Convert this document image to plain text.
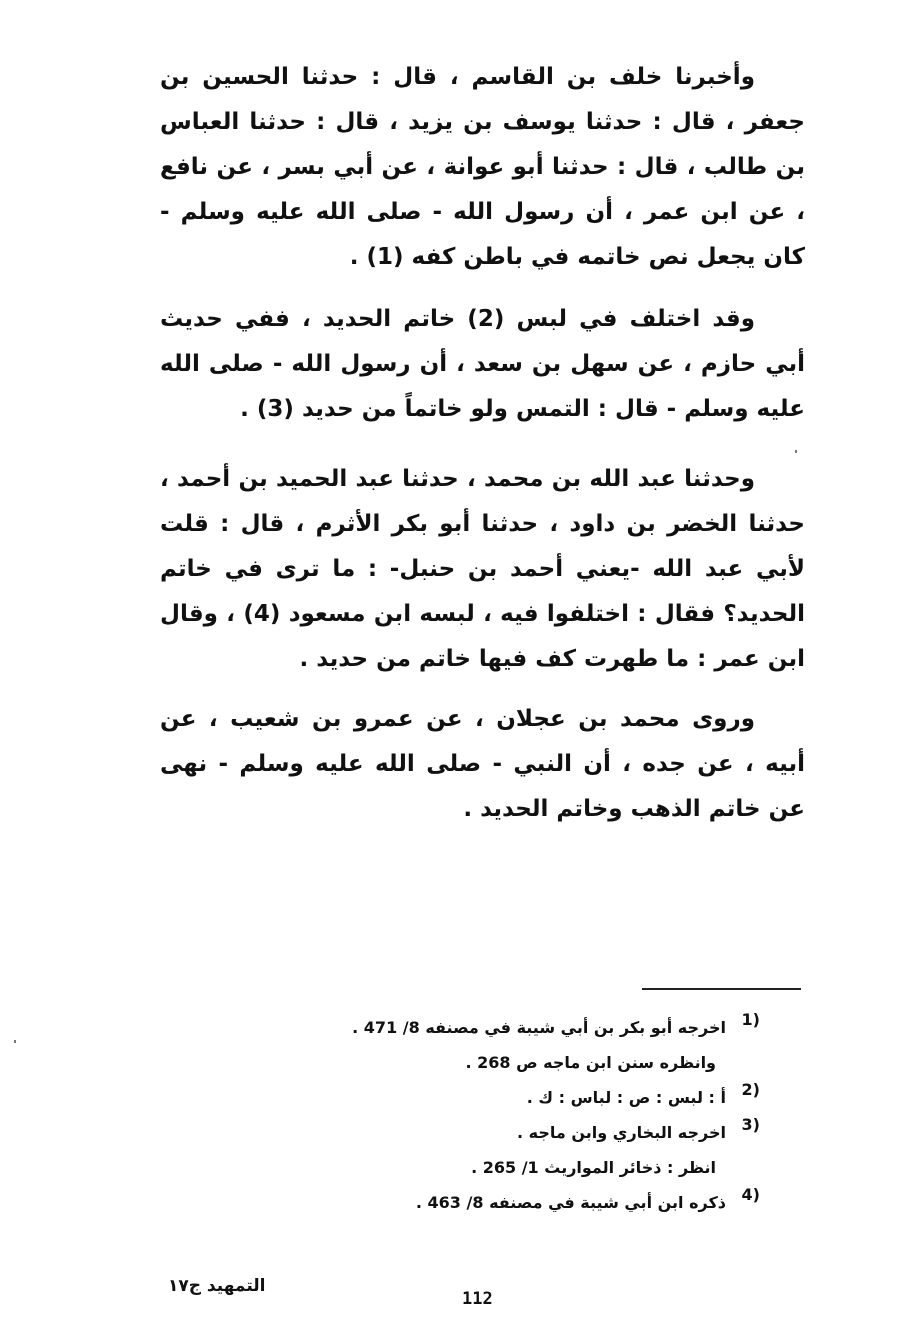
وأخبرنا خلف بن القاسم ، قال : حدثنا الحسين بن جعفر ، قال : حدثنا يوسف بن يزيد ، قال : حدثنا العباس بن طالب ، قال : حدثنا أبو عوانة ، عن أبي بسر ، عن نافع ، عن ابن عمر ، أن رسول الله - صلى الله عليه وسلم - كان يجعل نص خاتمه في باطن كفه (1) .

وقد اختلف في لبس (2) خاتم الحديد ، ففي حديث أبي حازم ، عن سهل بن سعد ، أن رسول الله - صلى الله عليه وسلم - قال : التمس ولو خاتماً من حديد (3) .

وحدثنا عبد الله بن محمد ، حدثنا عبد الحميد بن أحمد ، حدثنا الخضر بن داود ، حدثنا أبو بكر الأثرم ، قال : قلت لأبي عبد الله -يعني أحمد بن حنبل- : ما ترى في خاتم الحديد؟ فقال : اختلفوا فيه ، لبسه ابن مسعود (4) ، وقال ابن عمر : ما طهرت كف فيها خاتم من حديد .

وروى محمد بن عجلان ، عن عمرو بن شعيب ، عن أبيه ، عن جده ، أن النبي - صلى الله عليه وسلم - نهى عن خاتم الذهب وخاتم الحديد .

1)
اخرجه أبو بكر بن أبي شيبة في مصنفه 8/ 471 .
وانظره سنن ابن ماجه ص 268 .
2)
أ : لبس : ص : لباس : ك .
3)
اخرجه البخاري وابن ماجه .
انظر : ذخائر المواريث 1/ 265 .
4)
ذكره ابن أبي شيبة في مصنفه 8/ 463 .
التمهيد ج١٧
112
